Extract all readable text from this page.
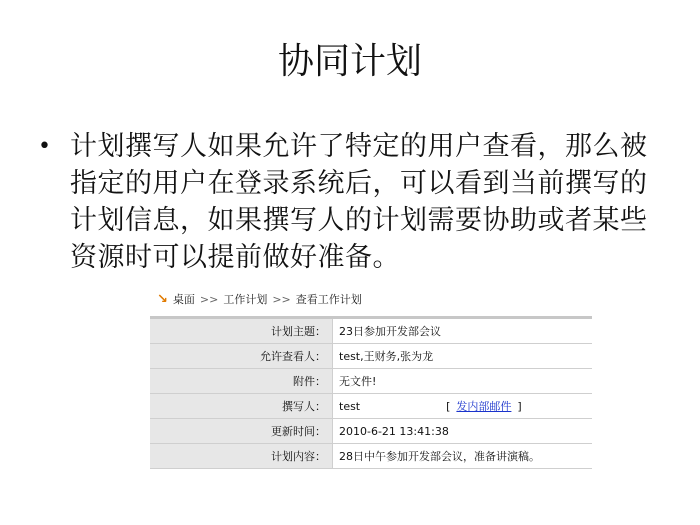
协同计划
• 计划撰写人如果允许了特定的用户查看，那么被指定的用户在登录系统后，可以看到当前撰写的计划信息，如果撰写人的计划需要协助或者某些资源时可以提前做好准备。
↘ 桌面 >> 工作计划 >> 查看工作计划
计划主题：	23日参加开发部会议
允许查看人：	test,王财务,张为龙
附件：	无文件!
撰写人：	test [ 发内部邮件 ]
更新时间：	2010-6-21 13:41:38
计划内容：	28日中午参加开发部会议，准备讲演稿。
